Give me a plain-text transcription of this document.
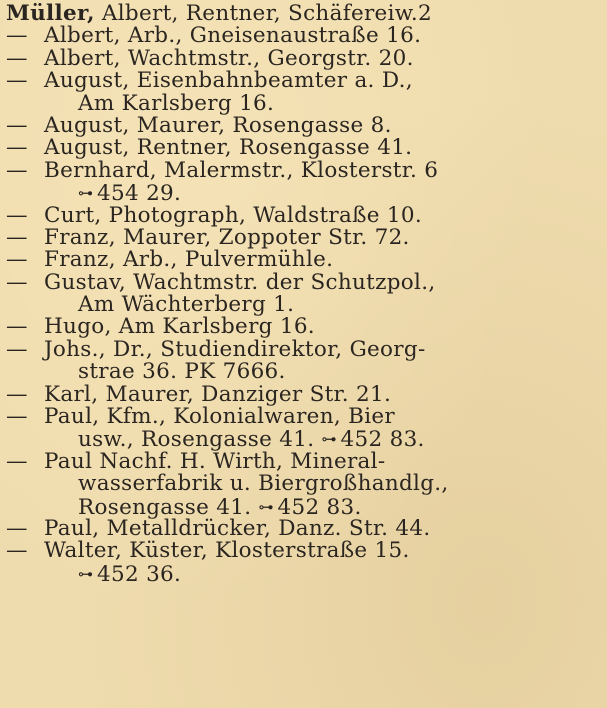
Müller, Albert, Rentner, Schäfereiw.2
— Albert, Arb., Gneisenaustraße 16.
— Albert, Wachtmstr., Georgstr. 20.
— August, Eisenbahnbeamter a. D.,
Am Karlsberg 16.
— August, Maurer, Rosengasse 8.
— August, Rentner, Rosengasse 41.
— Bernhard, Malermstr., Klosterstr. 6
⊶ 454 29.
— Curt, Photograph, Waldstraße 10.
— Franz, Maurer, Zoppoter Str. 72.
— Franz, Arb., Pulvermühle.
— Gustav, Wachtmstr. der Schutzpol.,
Am Wächterberg 1.
— Hugo, Am Karlsberg 16.
— Johs., Dr., Studiendirektor, Georg-
strae 36. PK 7666.
— Karl, Maurer, Danziger Str. 21.
— Paul, Kfm., Kolonialwaren, Bier
usw., Rosengasse 41. ⊶ 452 83.
— Paul Nachf. H. Wirth, Mineral-
wasserfabrik u. Biergroßhandlg.,
Rosengasse 41. ⊶ 452 83.
— Paul, Metalldrücker, Danz. Str. 44.
— Walter, Küster, Klosterstraße 15.
⊶ 452 36.
